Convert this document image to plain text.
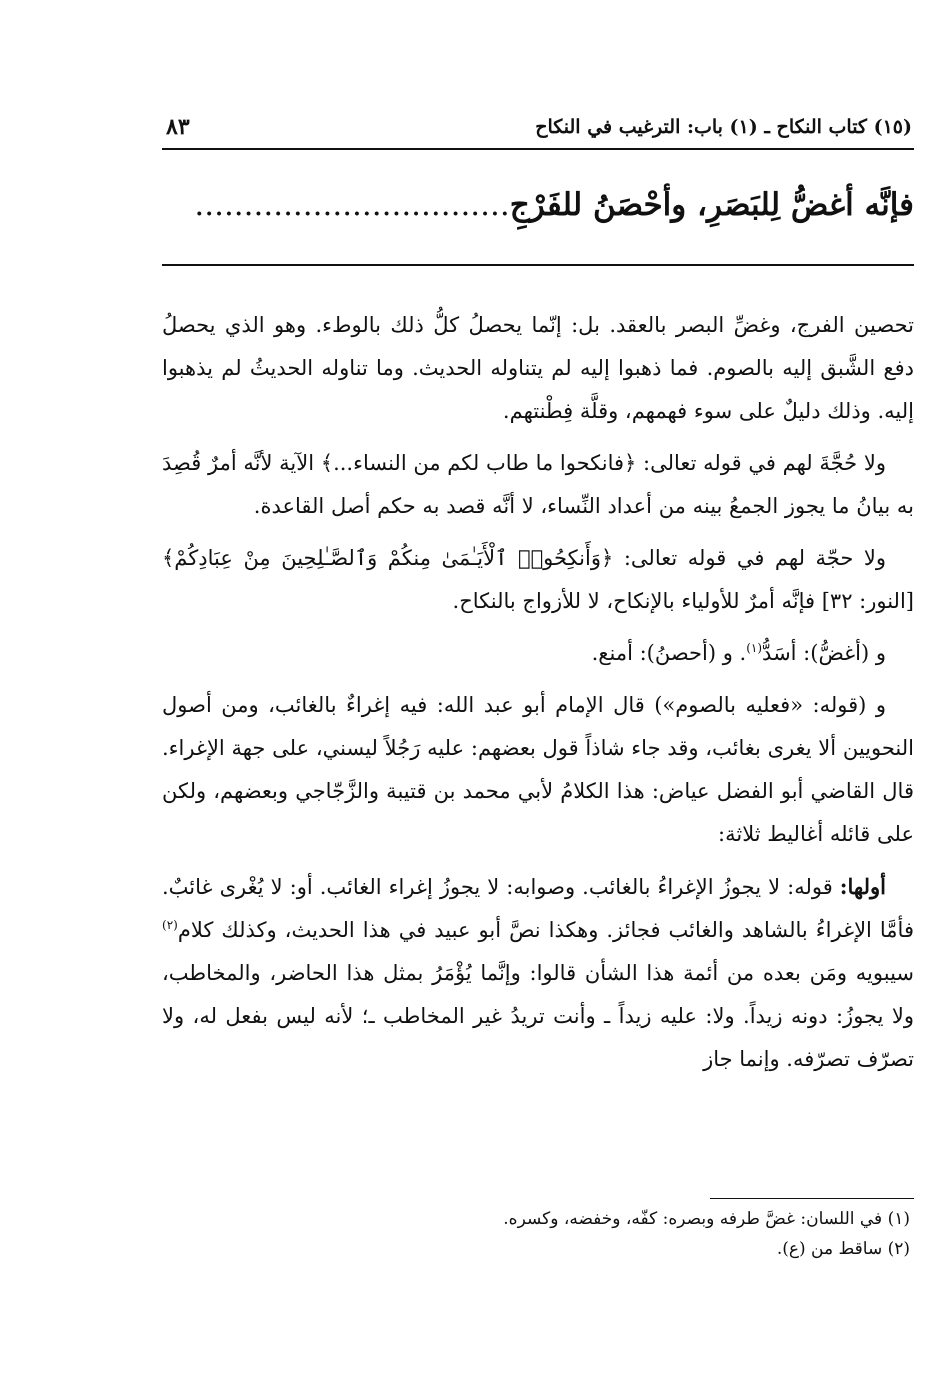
(١٥) كتاب النكاح ـ (١) باب: الترغيب في النكاح
٨٣
فإنَّه أغضُّ لِلبَصَرِ، وأحْصَنُ للفَرْجِ................................

تحصين الفرج، وغضِّ البصر بالعقد. بل: إنّما يحصلُ كلُّ ذلك بالوطء. وهو الذي يحصلُ دفع الشَّبق إليه بالصوم. فما ذهبوا إليه لم يتناوله الحديث. وما تناوله الحديثُ لم يذهبوا إليه. وذلك دليلٌ على سوء فهمهم، وقلَّة فِطْنتهم.

ولا حُجَّةَ لهم في قوله تعالى: ﴿فانكحوا ما طاب لكم من النساء...﴾ الآية لأنَّه أمرٌ قُصِدَ به بيانُ ما يجوز الجمعُ بينه من أعداد النِّساء، لا أنَّه قصد به حكم أصل القاعدة.

ولا حجّة لهم في قوله تعالى: ﴿وَأَنكِحُوا۟ ٱلْأَيَـٰمَىٰ مِنكُمْ وَٱلصَّـٰلِحِينَ مِنْ عِبَادِكُمْ﴾ [النور: ٣٢] فإنَّه أمرٌ للأولياء بالإنكاح، لا للأزواج بالنكاح.

و (أغضُّ): أسَدُّ$^{(١)}$. و (أحصنُ): أمنع.

و (قوله: «فعليه بالصوم») قال الإمام أبو عبد الله: فيه إغراءٌ بالغائب، ومن أصول النحويين ألا يغرى بغائب، وقد جاء شاذاً قول بعضهم: عليه رَجُلاً ليسني، على جهة الإغراء. قال القاضي أبو الفضل عياض: هذا الكلامُ لأبي محمد بن قتيبة والزَّجّاجي وبعضهم، ولكن على قائله أغاليط ثلاثة:

أولها: قوله: لا يجوزُ الإغراءُ بالغائب. وصوابه: لا يجوزُ إغراء الغائب. أو: لا يُغْرى غائبٌ. فأمَّا الإغراءُ بالشاهد والغائب فجائز. وهكذا نصَّ أبو عبيد في هذا الحديث، وكذلك كلام$^{(٢)}$ سيبويه ومَن بعده من أئمة هذا الشأن قالوا: وإنَّما يُؤْمَرُ بمثل هذا الحاضر، والمخاطب، ولا يجوزُ: دونه زيداً. ولا: عليه زيداً ـ وأنت تريدُ غير المخاطب ـ؛ لأنه ليس بفعل له، ولا تصرّف تصرّفه. وإنما جاز

(١) في اللسان: غضَّ طرفه وبصره: كفّه، وخفضه، وكسره.

(٢) ساقط من (ع).
